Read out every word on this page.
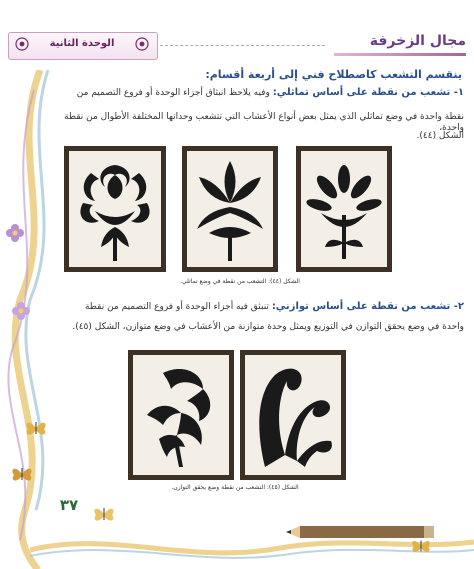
الوحدة الثانية	مجال الزخرفة
٣٧
ينقسم التشعب كاصطلاح فني إلى أربعة أقسام:
١- تشعب من نقطة على أساس تماثلي: وفيه يلاحظ انبثاق أجزاء الوحدة أو فروع التصميم من
نقطة واحدة في وضع تماثلي الذي يمثل بعض أنواع الأعشاب التي تتشعب وحداتها المختلفة الأطوال من نقطة واحدة،
الشكل (٤٤).
الشكل (٤٤): التشعب من نقطة في وضع تماثلي.
٢- تشعب من نقطة على أساس توازني: تنبثق فيه أجزاء الوحدة أو فروع التصميم من نقطة
واحدة في وضع يحقق التوازن في التوزيع ويمثل وحدة متوازنة من الأعشاب في وضع متوازن، الشكل (٤٥).
الشكل (٤٥): التشعب من نقطة وضع يحقق التوازن.
